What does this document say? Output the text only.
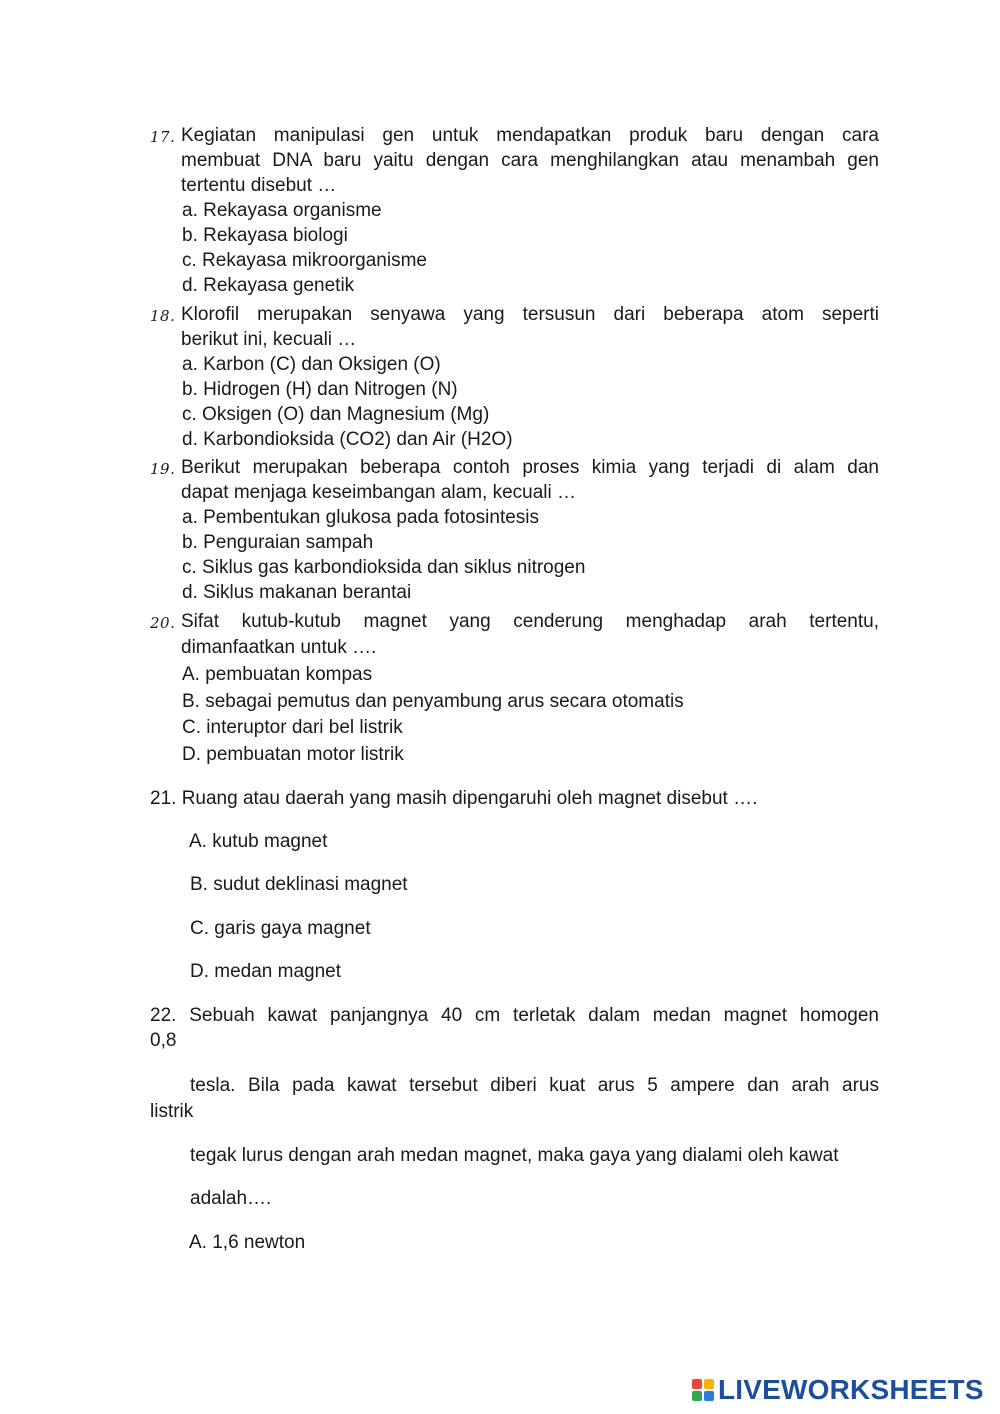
17. Kegiatan manipulasi gen untuk mendapatkan produk baru dengan cara
membuat DNA baru yaitu dengan cara menghilangkan atau menambah gen
tertentu disebut …
a. Rekayasa organisme
b. Rekayasa biologi
c. Rekayasa mikroorganisme
d. Rekayasa genetik
18. Klorofil merupakan senyawa yang tersusun dari beberapa atom seperti
berikut ini, kecuali …
a. Karbon (C) dan Oksigen (O)
b. Hidrogen (H) dan Nitrogen (N)
c. Oksigen (O) dan Magnesium (Mg)
d. Karbondioksida (CO2) dan Air (H2O)
19. Berikut merupakan beberapa contoh proses kimia yang terjadi di alam dan
dapat menjaga keseimbangan alam, kecuali …
a. Pembentukan glukosa pada fotosintesis
b. Penguraian sampah
c. Siklus gas karbondioksida dan siklus nitrogen
d. Siklus makanan berantai
20. Sifat kutub-kutub magnet yang cenderung menghadap arah tertentu,
dimanfaatkan untuk ….
A. pembuatan kompas
B. sebagai pemutus dan penyambung arus secara otomatis
C. interuptor dari bel listrik
D. pembuatan motor listrik
21. Ruang atau daerah yang masih dipengaruhi oleh magnet disebut ….
A. kutub magnet
B. sudut deklinasi magnet
C. garis gaya magnet
D. medan magnet
22. Sebuah kawat panjangnya 40 cm terletak dalam medan magnet homogen
0,8
tesla. Bila pada kawat tersebut diberi kuat arus 5 ampere dan arah arus
listrik
tegak lurus dengan arah medan magnet, maka gaya yang dialami oleh kawat
adalah….
A. 1,6 newton
LIVEWORKSHEETS
